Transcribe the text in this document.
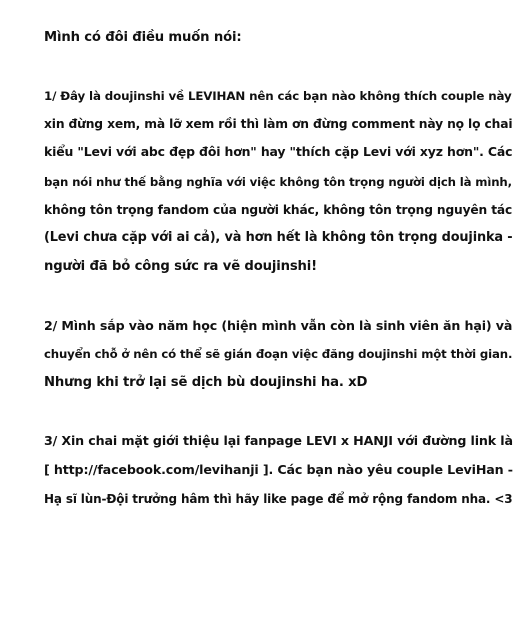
Mình có đôi điều muốn nói:
1/ Đây là doujinshi về LEVIHAN nên các bạn nào không thích couple này
xin đừng xem, mà lỡ xem rồi thì làm ơn đừng comment này nọ lọ chai
kiểu "Levi với abc đẹp đôi hơn" hay "thích cặp Levi với xyz hơn". Các
bạn nói như thế bằng nghĩa với việc không tôn trọng người dịch là mình,
không tôn trọng fandom của người khác, không tôn trọng nguyên tác
(Levi chưa cặp với ai cả), và hơn hết là không tôn trọng doujinka -
người đã bỏ công sức ra vẽ doujinshi!
2/ Mình sắp vào năm học (hiện mình vẫn còn là sinh viên ăn hại) và
chuyển chỗ ở nên có thể sẽ gián đoạn việc đăng doujinshi một thời gian.
Nhưng khi trở lại sẽ dịch bù doujinshi ha. xD
3/ Xin chai mặt giới thiệu lại fanpage LEVI x HANJI với đường link là
[ http://facebook.com/levihanji ]. Các bạn nào yêu couple LeviHan -
Hạ sĩ lùn-Đội trưởng hâm thì hãy like page để mở rộng fandom nha. <3
